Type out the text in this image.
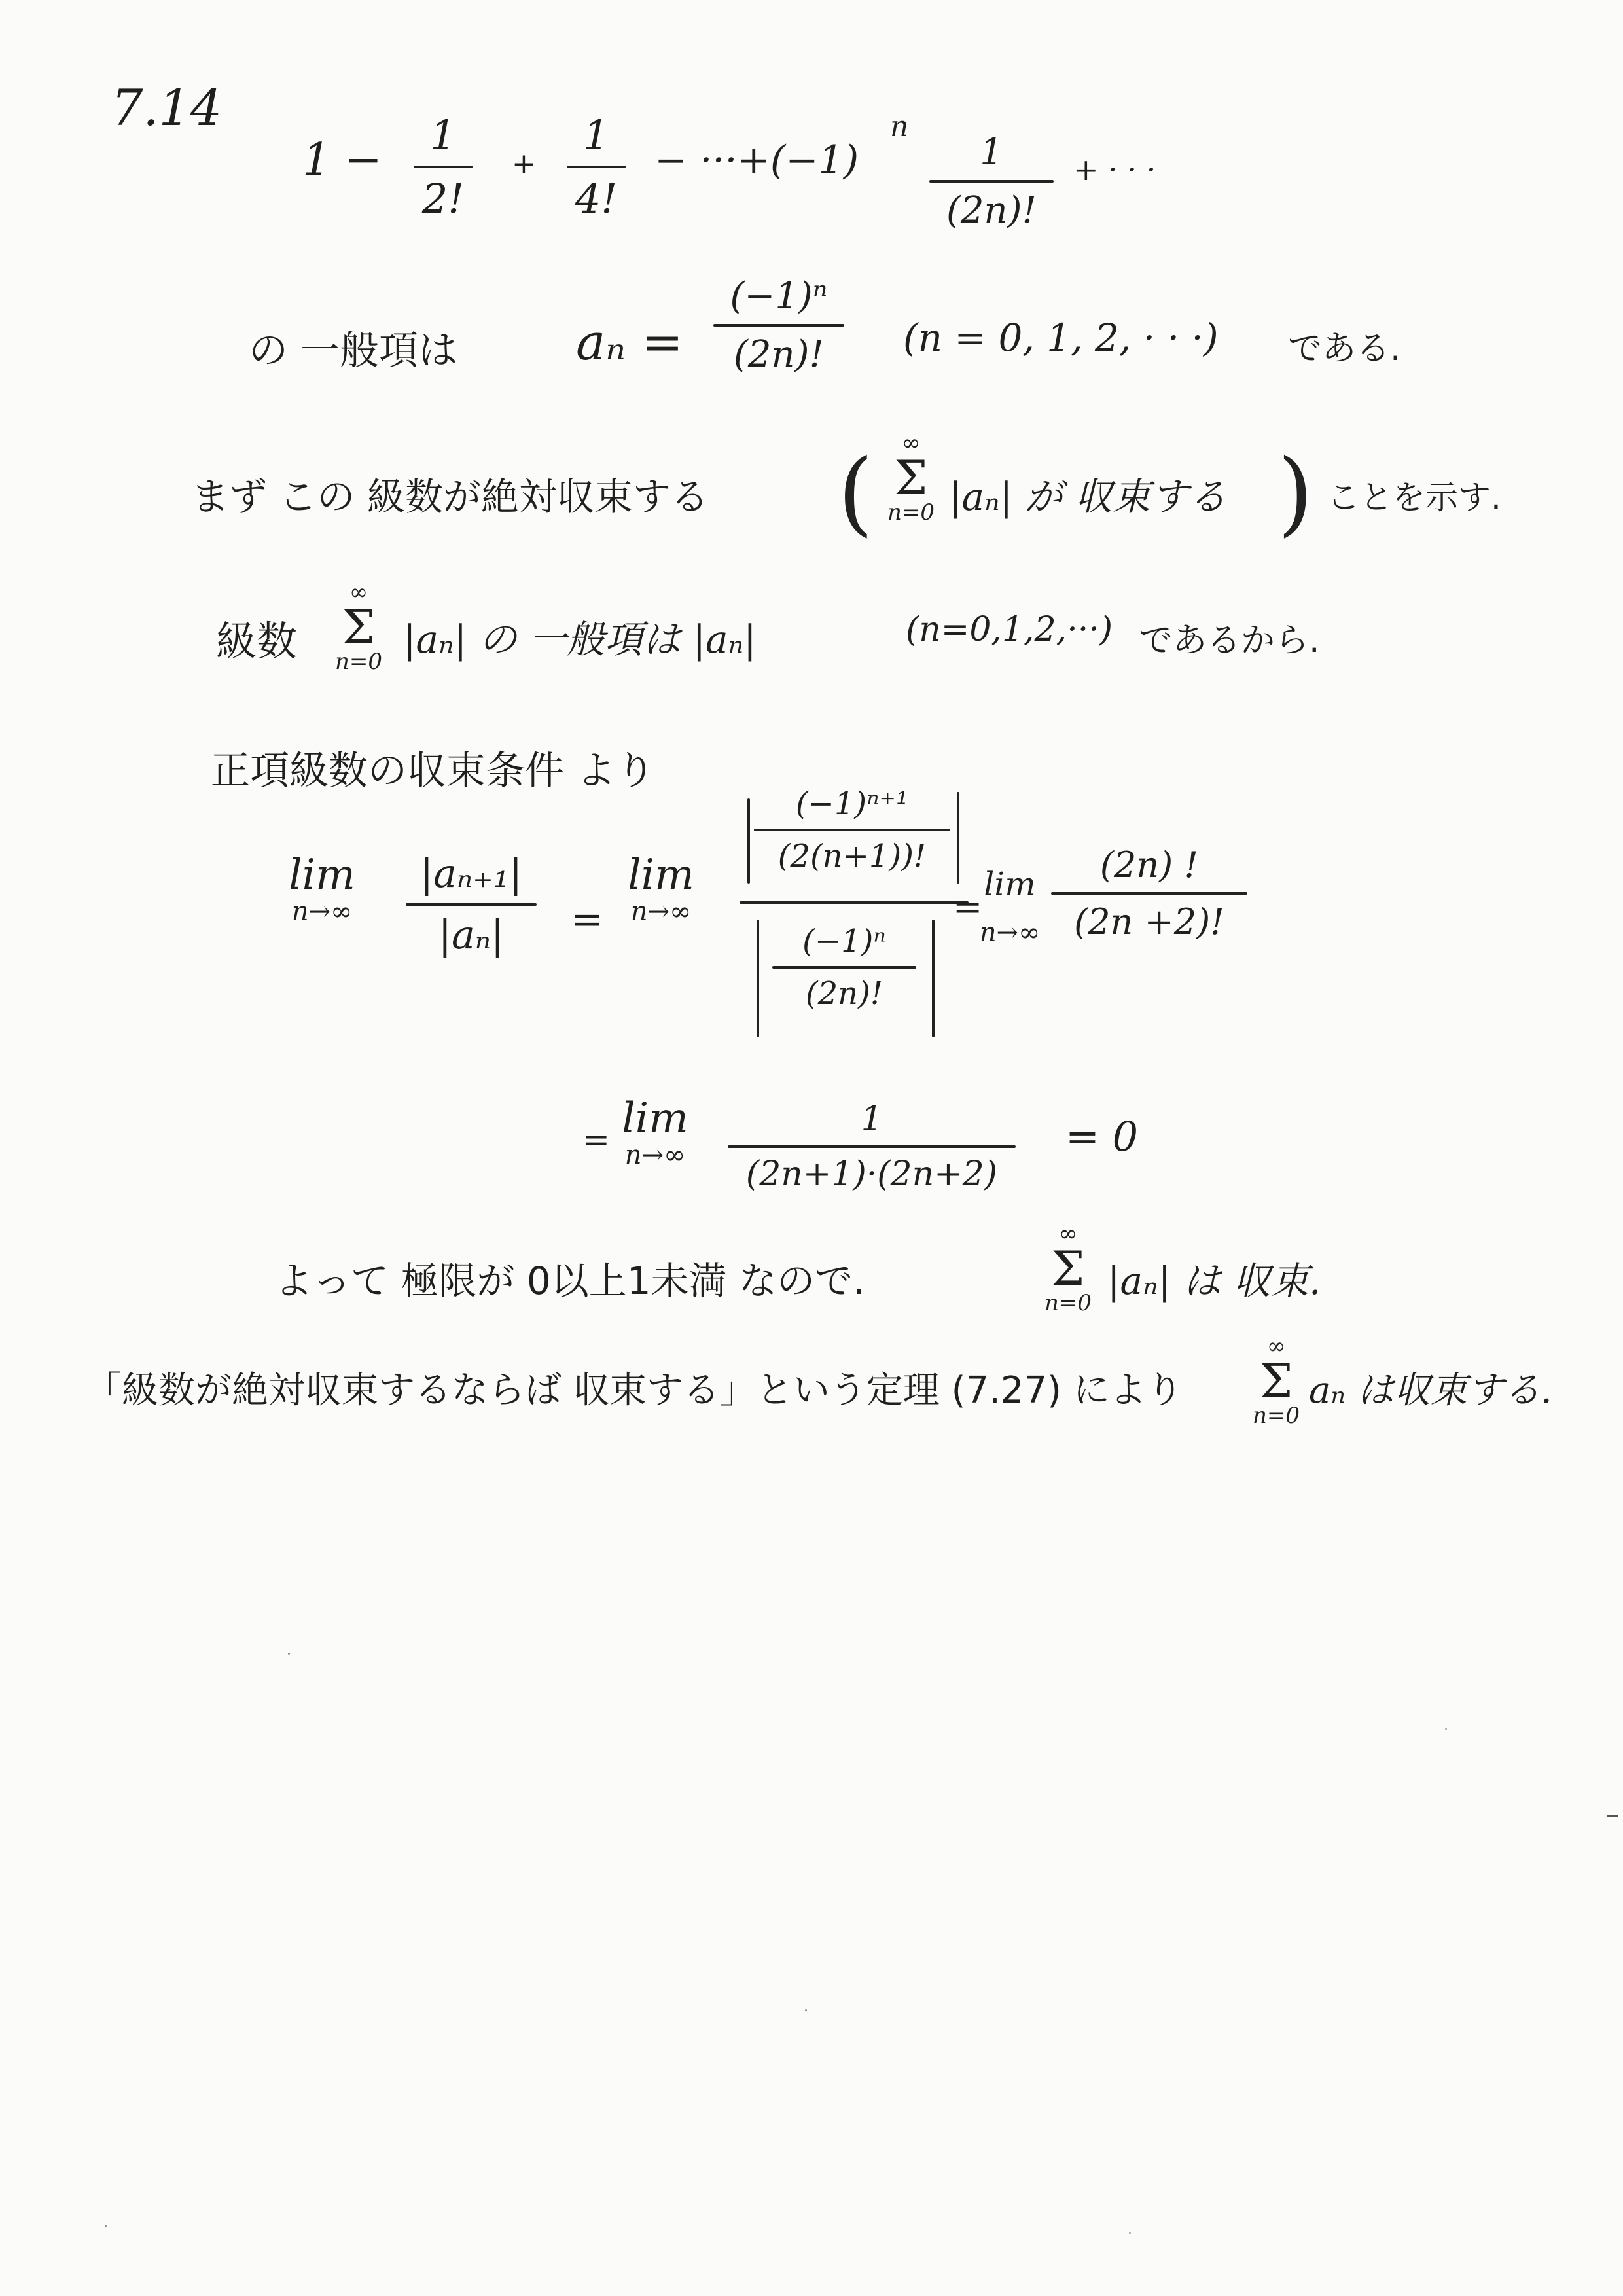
7.14
1 −	1
2!
+
1
4!
− ···+(−1)
n
1
(2n)!
+ · · ·
の 一般項は aₙ =
(−1)ⁿ
(2n)!	(n = 0, 1, 2, · · ·) である.
まず この 級数が絶対収束する (	∞
Σ
n=0 |aₙ| が 収束する ) ことを示す.
級数
∞
Σ
n=0 |aₙ| の 一般項は |aₙ|	(n=0,1,2,···) であるから.
正項級数の収束条件 より
lim
n→∞
|aₙ₊₁|
|aₙ|	=
lim
n→∞
(−1)ⁿ⁺¹
(2(n+1))!
(−1)ⁿ
(2n)!
=
lim
n→∞
(2n) !
(2n +2)!
= lim
n→∞
1
(2n+1)·(2n+2)
= 0
よって 極限が 0以上1未満 なので.
∞
Σ
n=0 |aₙ| は 収束.
「級数が絶対収束するならば 収束する」という定理 (7.27) により
∞
Σ
n=0
aₙ は収束する.
